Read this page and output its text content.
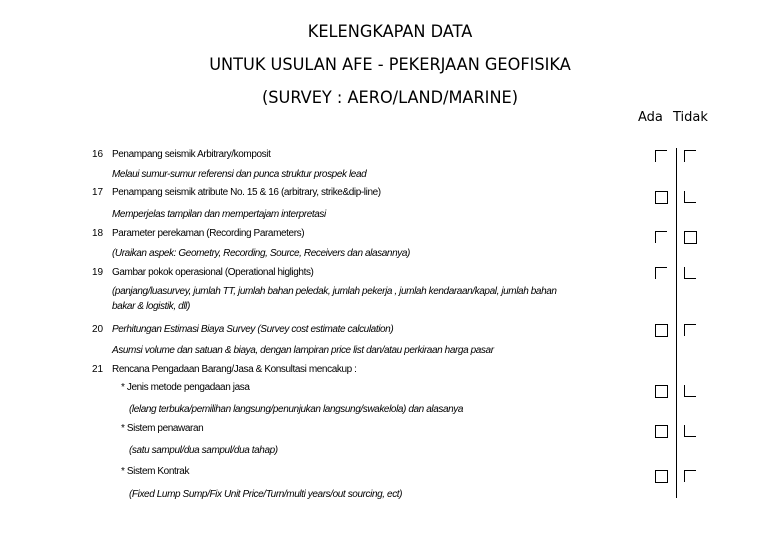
KELENGKAPAN DATA
UNTUK USULAN AFE - PEKERJAAN GEOFISIKA
(SURVEY : AERO/LAND/MARINE)
Ada Tidak
16 Penampang seismik Arbitrary/komposit
Melaui sumur-sumur referensi dan punca struktur prospek lead
17 Penampang seismik atribute No. 15 & 16 (arbitrary, strike&dip-line)
Memperjelas tampilan dan mempertajam interpretasi
18 Parameter perekaman (Recording Parameters)
(Uraikan aspek: Geometry, Recording, Source, Receivers dan alasannya)
19 Gambar pokok operasional (Operational higlights)
(panjang/luasurvey, jumlah TT, jumlah bahan peledak, jumlah pekerja , jumlah kendaraan/kapal, jumlah bahan
bakar & logistik, dll)
20 Perhitungan Estimasi Biaya Survey (Survey cost estimate calculation)
Asumsi volume dan satuan & biaya, dengan lampiran price list dan/atau perkiraan harga pasar
21 Rencana Pengadaan Barang/Jasa & Konsultasi mencakup :
* Jenis metode pengadaan jasa
(lelang terbuka/pemilihan langsung/penunjukan langsung/swakelola) dan alasanya
* Sistem penawaran
(satu sampul/dua sampul/dua tahap)
* Sistem Kontrak
(Fixed Lump Sump/Fix Unit Price/Turn/multi years/out sourcing, ect)
